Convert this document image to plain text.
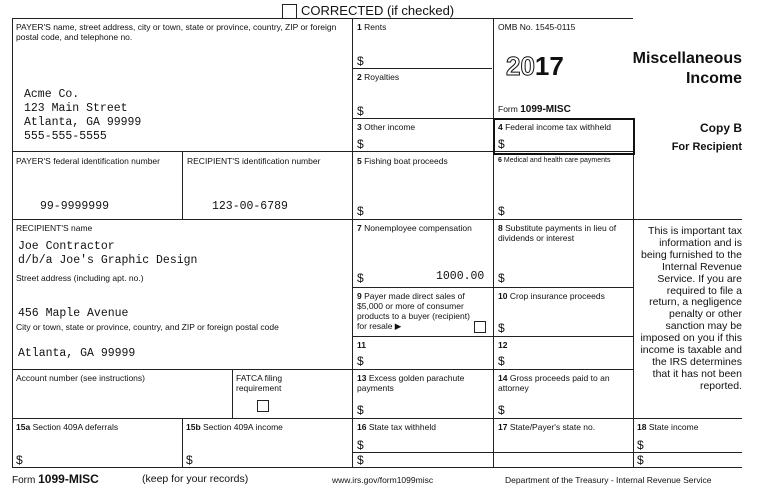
CORRECTED (if checked)
PAYER'S name, street address, city or town, state or province, country, ZIP or foreign postal code, and telephone no.
Acme Co.
123 Main Street
Atlanta, GA 99999
555-555-5555
PAYER'S federal identification number
99-9999999
RECIPIENT'S identification number
123-00-6789
RECIPIENT'S name
Joe Contractor
d/b/a Joe's Graphic Design
Street address (including apt. no.)
456 Maple Avenue
City or town, state or province, country, and ZIP or foreign postal code
Atlanta, GA 99999
Account number (see instructions)	FATCA filing requirement
1 Rents
$
2 Royalties
$
3 Other income
$
4 Federal income tax withheld
$
5 Fishing boat proceeds
$
6 Medical and health care payments
$
7 Nonemployee compensation
$	1000.00
8 Substitute payments in lieu of dividends or interest
$
9 Payer made direct sales of $5,000 or more of consumer products to a buyer (recipient) for resale ▶
10 Crop insurance proceeds
$
11
$
12
$
13 Excess golden parachute payments
$
14 Gross proceeds paid to an attorney
$
15a Section 409A deferrals
$
15b Section 409A income
$
16 State tax withheld
$
$
17 State/Payer's state no.	18 State income
$
$
OMB No. 1545-0115
2017
Form 1099-MISC
Miscellaneous
Income
Copy B
For Recipient
This is important tax information and is being furnished to the Internal Revenue Service. If you are required to file a return, a negligence penalty or other sanction may be imposed on you if this income is taxable and the IRS determines that it has not been reported.
Form 1099-MISC	(keep for your records)	www.irs.gov/form1099misc	Department of the Treasury - Internal Revenue Service
